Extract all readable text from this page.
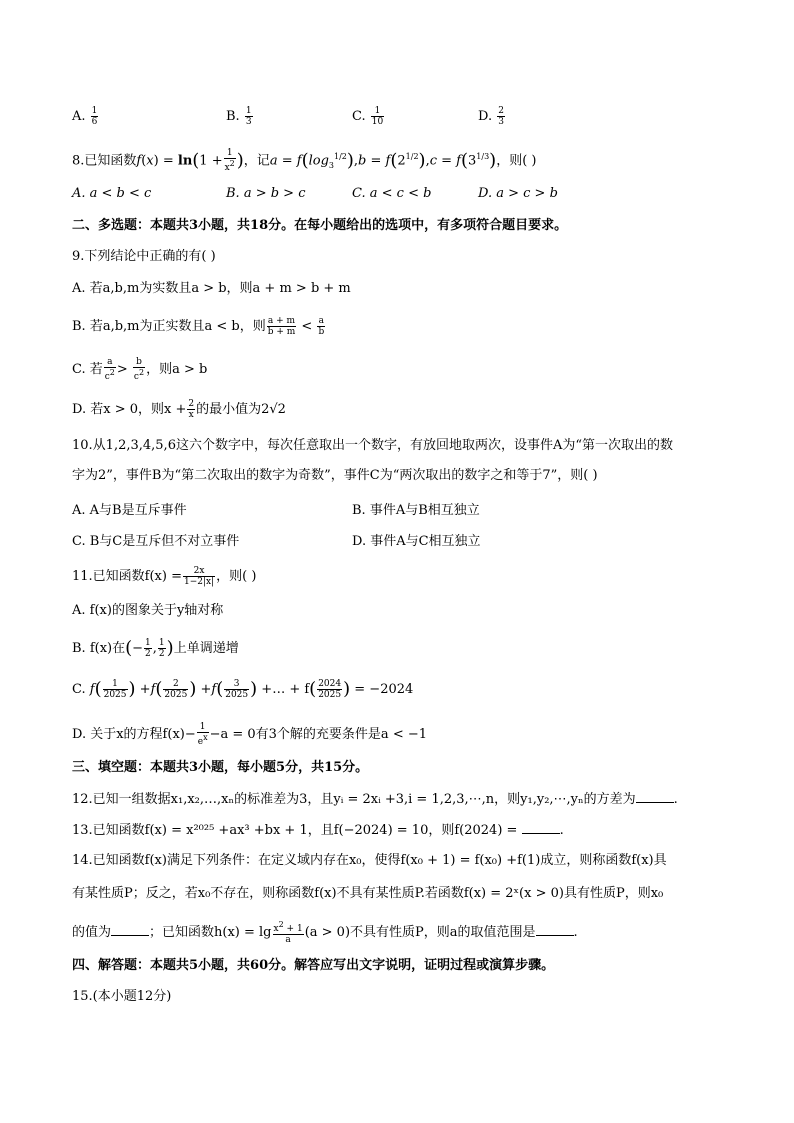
A. $\frac{1}{6}$	B. $\frac{1}{3}$	C. $\frac{1}{10}$	D. $\frac{2}{3}$
8.已知函数$f(x) = \ln(1 + \frac{1}{x2}$ )，记$a = f(\log_3^{1/2}),b = f(2^{1/2}),c = f(3^{1/3})$，则( )
A. a < b < c	B. a > b > c	C. a < c < b	D. a > c > b
二、多选题：本题共3小题，共18分。在每小题给出的选项中，有多项符合题目要求。
9.下列结论中正确的有( )
A. 若a,b,m为实数且a > b，则a + m > b + m
B. 若a,b,m为正实数且a < b，则 $\frac{a + m}{b + m} < \frac{a}{b}$
C. 若 $\frac{a}{c2} > \frac{b}{c2}$ ，则a > b
D. 若x > 0，则$x + \frac{2}{x}$ 的最小值为2√2
10.从1,2,3,4,5,6这六个数字中，每次任意取出一个数字，有放回地取两次，设事件A为“第一次取出的数
字为2”，事件B为“第二次取出的数字为奇数”，事件C为“两次取出的数字之和等于7”，则( )
A. A与B是互斥事件	B. 事件A与B相互独立
C. B与C是互斥但不对立事件	D. 事件A与C相互独立
11.已知函数$f(x) = \frac{2x}{1-2|x|}$ ，则( )
A. f(x)的图象关于y轴对称
B. f(x)在(− $\frac{1}{2}$ , $\frac{1}{2}$ )上单调递增
C. $f( \frac{1}{2025}$ ) $+f( \frac{2}{2025}$ ) $+f( \frac{3}{2025}$ ) +… + $f( \frac{2024}{2025}$ ) = −2024
D. 关于x的方程$f(x)- \frac{1}{ex} -a = 0$有3个解的充要条件是a < −1
三、填空题：本题共3小题，每小题5分，共15分。
12.已知一组数据x₁,x₂,…,xₙ的标准差为3，且yᵢ = 2xᵢ +3,i = 1,2,3,⋯,n，则y₁,y₂,⋯,yₙ的方差为	.
13.已知函数f(x) = x²⁰²⁵ +ax³ +bx + 1，且f(−2024) = 10，则f(2024) =	.
14.已知函数f(x)满足下列条件：在定义域内存在x₀，使得f(x₀ + 1) = f(x₀) +f(1)成立，则称函数f(x)具
有某性质P；反之，若x₀不存在，则称函数f(x)不具有某性质P.若函数f(x) = 2ˣ(x > 0)具有性质P，则x₀
的值为	；已知函数$h(x) = \lg \frac{x2 + 1}{a} (a > 0)$不具有性质P，则a的取值范围是	.
四、解答题：本题共5小题，共60分。解答应写出文字说明，证明过程或演算步骤。
15.(本小题12分)
